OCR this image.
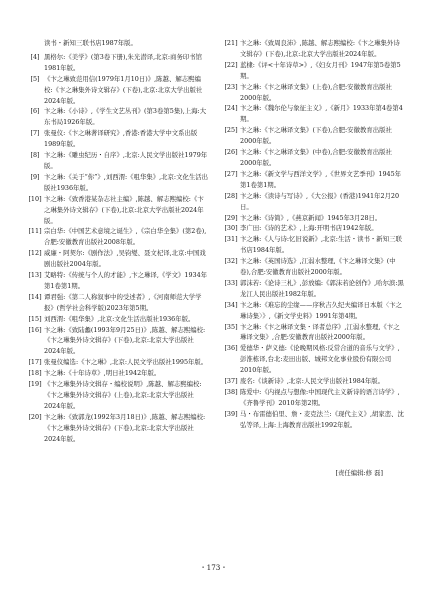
读书・新知三联书店1987年版。
[4] 黑格尔:《美学》(第3卷下册),朱光潜译,北京:商务印书馆1981年版。
[5] 《卞之琳致范用信(1979年1月10日)》,陈越、解志熙编校:《卞之琳集外诗文辑存》(下卷),北京:北京大学出版社2024年版。
[6] 卞之琳:《小诗》,《学生文艺丛刊》(第3卷第5集),上海:大东书局1926年版。
[7] 张曼仪:《卞之琳著译研究》,香港:香港大学中文系出版1989年版。
[8] 卞之琳:《雕虫纪历・自序》,北京:人民文学出版社1979年版。
[9] 卞之琳:《关于“你”》,刘西渭:《咀华集》,北京:文化生活出版社1936年版。
[10] 卞之琳:《致香港某杂志社主编》,陈越、解志熙编校:《卞之琳集外诗文辑存》(下卷),北京:北京大学出版社2024年版。
[11] 宗白华:《中国艺术意境之诞生》,《宗白华全集》(第2卷),合肥:安徽教育出版社2008年版。
[12] 威廉・阿契尔:《剧作法》,吴钧燮、聂文杞译,北京:中国戏剧出版社2004年版。
[13] 艾略特:《传统与个人的才能》,卞之琳译,《学文》1934年第1卷第1期。
[14] 谭君强:《第二人称叙事中的受述者》,《河南师范大学学报》(哲学社会科学版)2023年第5期。
[15] 刘西渭:《咀华集》,北京:文化生活出版社1936年版。
[16] 卞之琳:《致陆蠡(1993年9月25日)》,陈越、解志熙编校:《卞之琳集外诗文辑存》(下卷),北京:北京大学出版社2024年版。
[17] 张曼仪编选:《卞之琳》,北京:人民文学出版社1995年版。
[18] 卞之琳:《十年诗草》,明日社1942年版。
[19] 《卞之琳集外诗文辑存・编校说明》,陈越、解志熙编校:《卞之琳集外诗文辑存》(上卷),北京:北京大学出版社2024年版。
[20] 卞之琳:《致郭龙(1992年3月18日)》,陈越、解志熙编校:《卞之琳集外诗文辑存》(下卷),北京:北京大学出版社2024年版。
[21] 卞之琳:《致周良沛》,陈越、解志熙编校:《卞之琳集外诗文辑存》(下卷),北京:北京大学出版社2024年版。
[22] 蓝棣:《评<十年诗草>》,《妇女月刊》1947年第5卷第5期。
[23] 卞之琳:《卞之琳译文集》(上卷),合肥:安徽教育出版社2000年版。
[24] 卞之琳:《魏尔伦与象征主义》,《新月》1933年第4卷第4期。
[25] 卞之琳:《卞之琳译文集》(下卷),合肥:安徽教育出版社2000年版。
[26] 卞之琳:《卞之琳译文集》(中卷),合肥:安徽教育出版社2000年版。
[27] 卞之琳:《新文学与西洋文学》,《世界文艺季刊》1945年第1卷第1期。
[28] 卞之琳:《读诗与写诗》,《大公报》(香港)1941年2月20日。
[29] 卞之琳:《诗简》,《燕京新闻》1945年3月28日。
[30] 李广田:《诗的艺术》,上海:开明书店1942年版。
[31] 卞之琳:《人与诗:忆旧说新》,北京:生活・读书・新知三联书店1984年版。
[32] 卞之琳:《英国诗选》,江弱水整理,《卞之琳译文集》(中卷),合肥:安徽教育出版社2000年版。
[33] 郭沫若:《论诗三札》,彭放编:《郭沫若论创作》,哈尔滨:黑龙江人民出版社1982年版。
[34] 卞之琳:《难忘的尘缘——序秋吉久纪夫编译日本版〈卞之琳诗集〉》,《新文学史料》1991年第4期。
[35] 卞之琳:《卞之琳译文集・译者总序》,江弱水整理,《卞之琳译文集》,合肥:安徽教育出版社2000年版。
[36] 爱德华・萨义德:《论晚期风格:反常合道的音乐与文学》,彭淮栋译,台北:麦田出版、城邦文化事业股份有限公司2010年版。
[37] 废名:《谈新诗》,北京:人民文学出版社1984年版。
[38] 陈爱中:《内视点与想像:中国现代主义新诗的语言诗学》,《齐鲁学刊》2010年第2期。
[39] 马・布雷德伯里、詹・麦克法兰:《现代主义》,胡家峦、沈弘等译,上海:上海教育出版社1992年版。
[责任编辑:修 磊]
・173・
